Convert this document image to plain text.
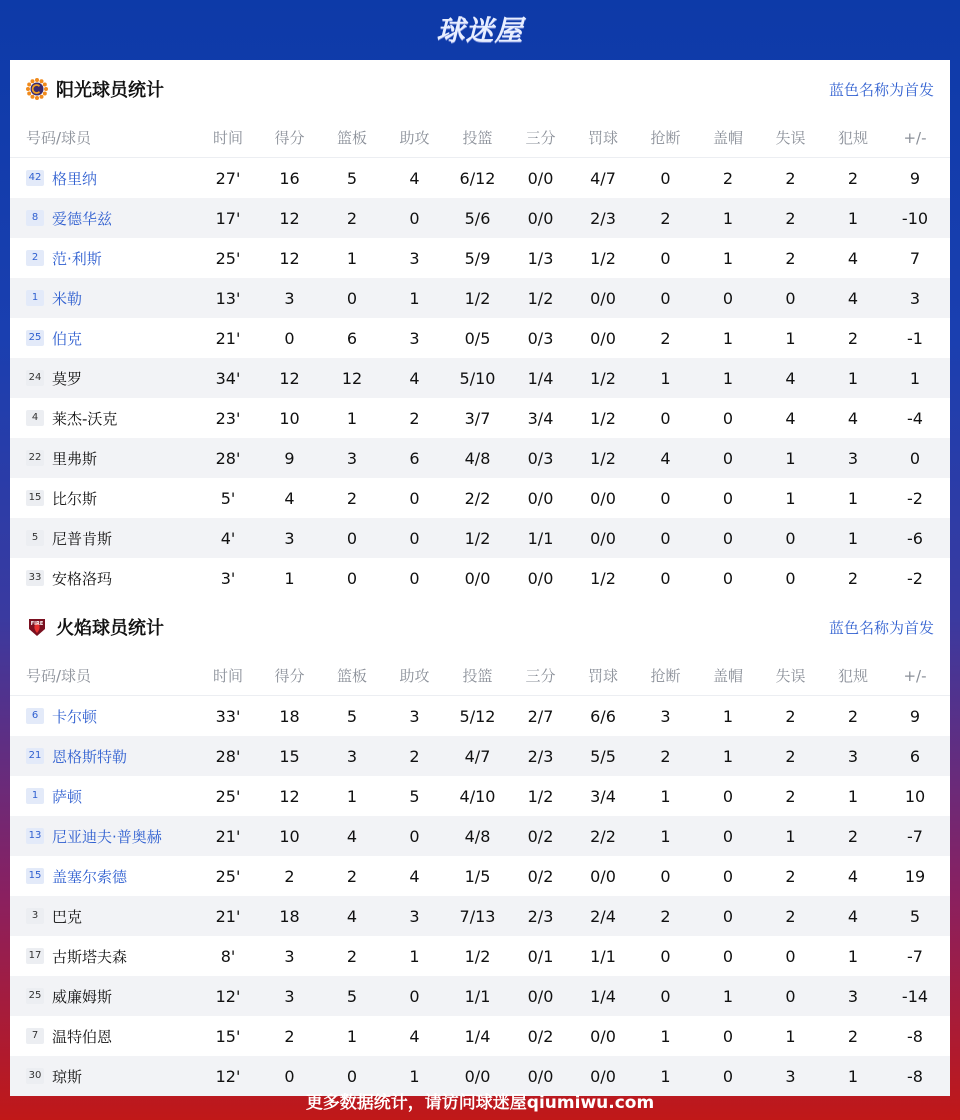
球迷屋
阳光球员统计	蓝色名称为首发
号码/球员	时间	得分	篮板	助攻	投篮	三分	罚球	抢断	盖帽	失误	犯规	+/-
42 格里纳	27'	16	5	4	6/12	0/0	4/7	0	2	2	2	9
8 爱德华兹	17'	12	2	0	5/6	0/0	2/3	2	1	2	1	-10
2 范·利斯	25'	12	1	3	5/9	1/3	1/2	0	1	2	4	7
1 米勒	13'	3	0	1	1/2	1/2	0/0	0	0	0	4	3
25 伯克	21'	0	6	3	0/5	0/3	0/0	2	1	1	2	-1
24 莫罗	34'	12	12	4	5/10	1/4	1/2	1	1	4	1	1
4 莱杰-沃克	23'	10	1	2	3/7	3/4	1/2	0	0	4	4	-4
22 里弗斯	28'	9	3	6	4/8	0/3	1/2	4	0	1	3	0
15 比尔斯	5'	4	2	0	2/2	0/0	0/0	0	0	1	1	-2
5 尼普肯斯	4'	3	0	0	1/2	1/1	0/0	0	0	0	1	-6
33 安格洛玛	3'	1	0	0	0/0	0/0	1/2	0	0	0	2	-2
FIRE 火焰球员统计	蓝色名称为首发
号码/球员	时间	得分	篮板	助攻	投篮	三分	罚球	抢断	盖帽	失误	犯规	+/-
6 卡尔顿	33'	18	5	3	5/12	2/7	6/6	3	1	2	2	9
21 恩格斯特勒	28'	15	3	2	4/7	2/3	5/5	2	1	2	3	6
1 萨顿	25'	12	1	5	4/10	1/2	3/4	1	0	2	1	10
13 尼亚迪夫·普奥赫	21'	10	4	0	4/8	0/2	2/2	1	0	1	2	-7
15 盖塞尔索德	25'	2	2	4	1/5	0/2	0/0	0	0	2	4	19
3 巴克	21'	18	4	3	7/13	2/3	2/4	2	0	2	4	5
17 古斯塔夫森	8'	3	2	1	1/2	0/1	1/1	0	0	0	1	-7
25 威廉姆斯	12'	3	5	0	1/1	0/0	1/4	0	1	0	3	-14
7 温特伯恩	15'	2	1	4	1/4	0/2	0/0	1	0	1	2	-8
30 琼斯	12'	0	0	1	0/0	0/0	0/0	1	0	3	1	-8
更多数据统计，请访问球迷屋qiumiwu.com
